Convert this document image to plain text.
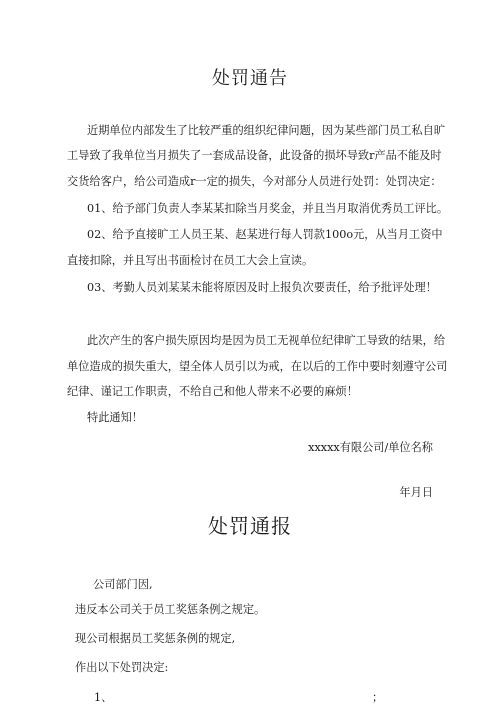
处罚通告
近期单位内部发生了比较严重的组织纪律问题，因为某些部门员工私自旷
工导致了我单位当月损失了一套成品设备，此设备的损坏导致r产品不能及时
交货给客户，给公司造成r一定的损失，今对部分人员进行处罚：处罚决定：
01、给予部门负责人李某某扣除当月奖金，并且当月取消优秀员工评比。
02、给予直接旷工人员王某、赵某进行每人罚款100o元，从当月工资中
直接扣除，并且写出书面检讨在员工大会上宣读。
03、考勤人员刘某某未能将原因及时上报负次要责任，给予批评处理！
此次产生的客户损失原因均是因为员工无视单位纪律旷工导致的结果，给
单位造成的损失重大，望全体人员引以为戒，在以后的工作中要时刻遵守公司
纪律、谨记工作职责，不给自己和他人带来不必要的麻烦！
特此通知！
xxxxx有限公司/单位名称
年月日
处罚通报
公司部门因,
违反本公司关于员工奖惩条例之规定。
现公司根据员工奖惩条例的规定,
作出以下处罚决定:
1、	；
